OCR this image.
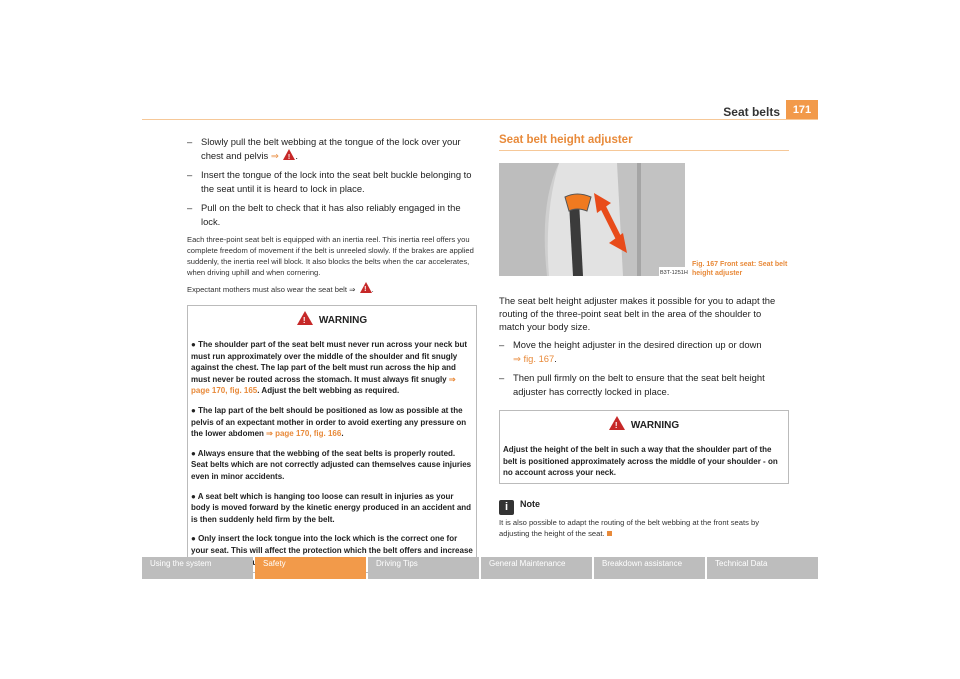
Seat belts	171
– Slowly pull the belt webbing at the tongue of the lock over your chest and pelvis ⇒ ! .
– Insert the tongue of the lock into the seat belt buckle belonging to the seat until it is heard to lock in place.
– Pull on the belt to check that it has also reliably engaged in the lock.

Each three-point seat belt is equipped with an inertia reel. This inertia reel offers you complete freedom of movement if the belt is unreeled slowly. If the brakes are applied suddenly, the inertia reel will block. It also blocks the belts when the car accelerates, when driving uphill and when cornering.

Expectant mothers must also wear the seat belt ⇒ ! .

! WARNING

● The shoulder part of the seat belt must never run across your neck but must run approximately over the middle of the shoulder and fit snugly against the chest. The lap part of the belt must run across the hip and must never be routed across the stomach. It must always fit snugly ⇒ page 170, fig. 165. Adjust the belt webbing as required.

● The lap part of the belt should be positioned as low as possible at the pelvis of an expectant mother in order to avoid exerting any pressure on the lower abdomen ⇒ page 170, fig. 166.

● Always ensure that the webbing of the seat belts is properly routed. Seat belts which are not correctly adjusted can themselves cause injuries even in minor accidents.

● A seat belt which is hanging too loose can result in injuries as your body is moved forward by the kinetic energy produced in an accident and is then suddenly held firm by the belt.

● Only insert the lock tongue into the lock which is the correct one for your seat. This will affect the protection which the belt offers and increase

Seat belt height adjuster
B3T-1251H
Fig. 167 Front seat: Seat belt height adjuster

The seat belt height adjuster makes it possible for you to adapt the routing of the three-point seat belt in the area of the shoulder to match your body size.

– Move the height adjuster in the desired direction up or down
⇒ fig. 167.
– Then pull firmly on the belt to ensure that the seat belt height adjuster has correctly locked in place.
! WARNING

Adjust the height of the belt in such a way that the shoulder part of the belt is positioned approximately across the middle of your shoulder - on no account across your neck.

i Note

It is also possible to adapt the routing of the belt webbing at the front seats by adjusting the height of the seat.

Using the system	Safety	Driving Tips	General Maintenance	Breakdown assistance	Technical Data
